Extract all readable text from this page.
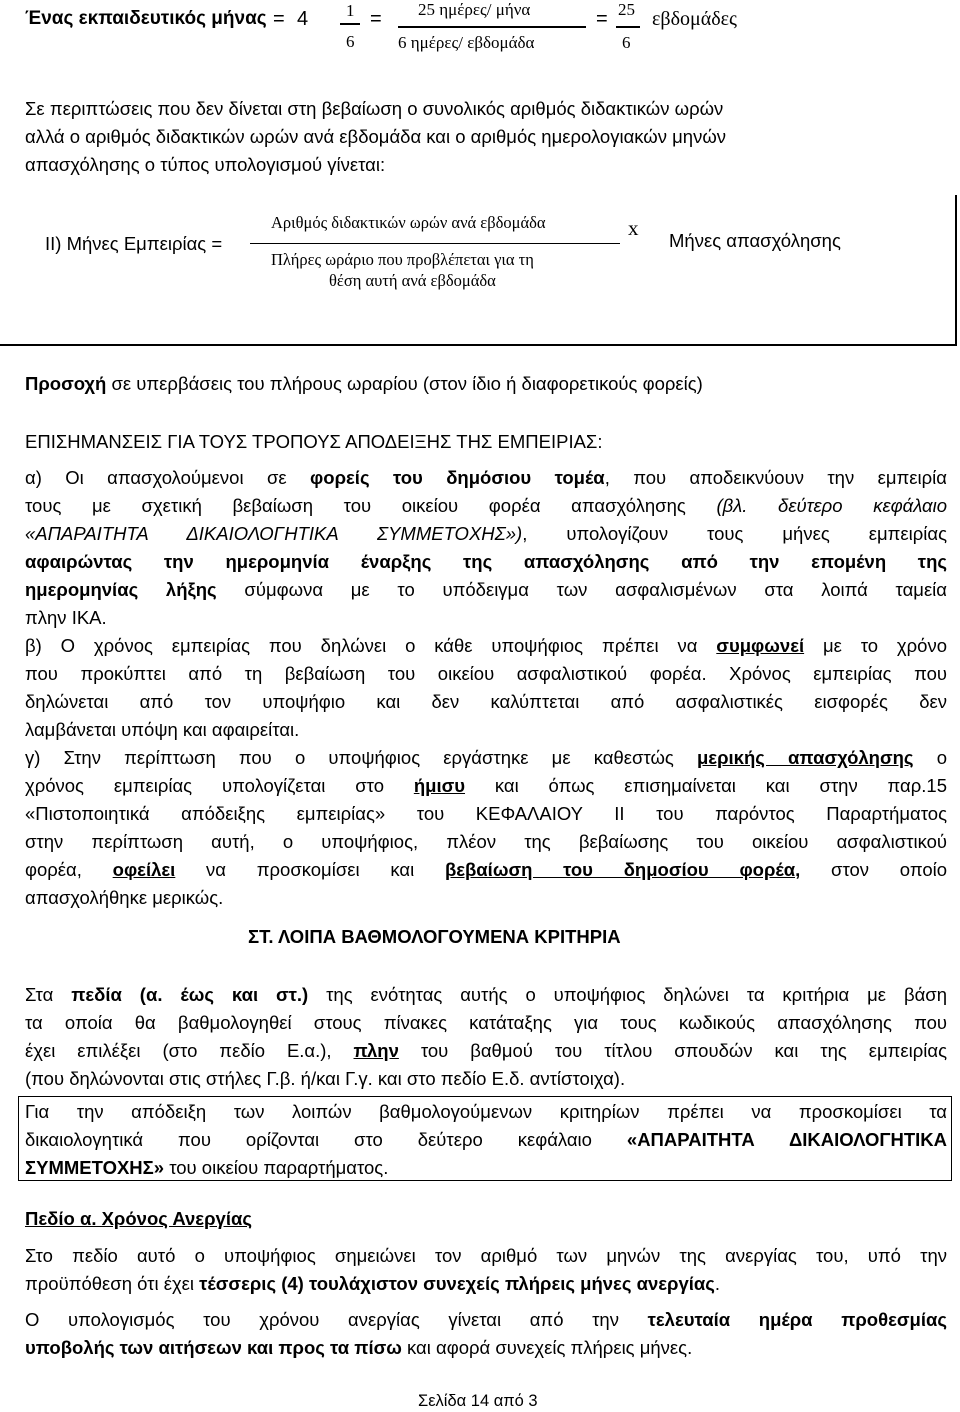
Ένας εκπαιδευτικός μήνας = 4 1
6
= 25 ημέρες/ μήνα
6 ημέρες/ εβδομάδα
= 25
6
εβδομάδες
Σε περιπτώσεις που δεν δίνεται στη βεβαίωση ο συνολικός αριθμός διδακτικών ωρών
αλλά ο αριθμός διδακτικών ωρών ανά εβδομάδα και ο αριθμός ημερολογιακών μηνών
απασχόλησης ο τύπος υπολογισμού γίνεται:
ΙΙ) Μήνες Εμπειρίας =
Αριθμός διδακτικών ωρών ανά εβδομάδα
Πλήρες ωράριο που προβλέπεται για τη
θέση αυτή ανά εβδομάδα
x
Μήνες απασχόλησης
Προσοχή σε υπερβάσεις του πλήρους ωραρίου (στον ίδιο ή διαφορετικούς φορείς)
ΕΠΙΣΗΜΑΝΣΕΙΣ ΓΙΑ ΤΟΥΣ ΤΡΟΠΟΥΣ ΑΠΟΔΕΙΞΗΣ ΤΗΣ ΕΜΠΕΙΡΙΑΣ:
α) Οι απασχολούμενοι σε φορείς του δημόσιου τομέα, που αποδεικνύουν την εμπειρία
τους με σχετική βεβαίωση του οικείου φορέα απασχόλησης (βλ. δεύτερο κεφάλαιο
«ΑΠΑΡΑΙΤΗΤΑ ΔΙΚΑΙΟΛΟΓΗΤΙΚΑ ΣΥΜΜΕΤΟΧΗΣ»), υπολογίζουν τους μήνες εμπειρίας
αφαιρώντας την ημερομηνία έναρξης της απασχόλησης από την επομένη της
ημερομηνίας λήξης σύμφωνα με το υπόδειγμα των ασφαλισμένων στα λοιπά ταμεία
πλην ΙΚΑ.
β) Ο χρόνος εμπειρίας που δηλώνει ο κάθε υποψήφιος πρέπει να συμφωνεί με το χρόνο
που προκύπτει από τη βεβαίωση του οικείου ασφαλιστικού φορέα. Χρόνος εμπειρίας που
δηλώνεται από τον υποψήφιο και δεν καλύπτεται από ασφαλιστικές εισφορές δεν
λαμβάνεται υπόψη και αφαιρείται.
γ) Στην περίπτωση που ο υποψήφιος εργάστηκε με καθεστώς μερικής απασχόλησης ο
χρόνος εμπειρίας υπολογίζεται στο ήμισυ και όπως επισημαίνεται και στην παρ.15
«Πιστοποιητικά απόδειξης εμπειρίας» του ΚΕΦΑΛΑΙΟΥ ΙΙ του παρόντος Παραρτήματος
στην περίπτωση αυτή, ο υποψήφιος, πλέον της βεβαίωσης του οικείου ασφαλιστικού
φορέα, οφείλει να προσκομίσει και βεβαίωση του δημοσίου φορέα, στον οποίο
απασχολήθηκε μερικώς.
ΣΤ. ΛΟΙΠΑ ΒΑΘΜΟΛΟΓΟΥΜΕΝΑ ΚΡΙΤΗΡΙΑ
Στα πεδία (α. έως και στ.) της ενότητας αυτής ο υποψήφιος δηλώνει τα κριτήρια με βάση
τα οποία θα βαθμολογηθεί στους πίνακες κατάταξης για τους κωδικούς απασχόλησης που
έχει επιλέξει (στο πεδίο Ε.α.), πλην του βαθμού του τίτλου σπουδών και της εμπειρίας
(που δηλώνονται στις στήλες Γ.β. ή/και Γ.γ. και στο πεδίο Ε.δ. αντίστοιχα).
Για την απόδειξη των λοιπών βαθμολογούμενων κριτηρίων πρέπει να προσκομίσει τα
δικαιολογητικά που ορίζονται στο δεύτερο κεφάλαιο «ΑΠΑΡΑΙΤΗΤΑ ΔΙΚΑΙΟΛΟΓΗΤΙΚΑ
ΣΥΜΜΕΤΟΧΗΣ» του οικείου παραρτήματος.
Πεδίο α. Χρόνος Ανεργίας
Στο πεδίο αυτό ο υποψήφιος σημειώνει τον αριθμό των μηνών της ανεργίας του, υπό την
προϋπόθεση ότι έχει τέσσερις (4) τουλάχιστον συνεχείς πλήρεις μήνες ανεργίας.
Ο υπολογισμός του χρόνου ανεργίας γίνεται από την τελευταία ημέρα προθεσμίας
υποβολής των αιτήσεων και προς τα πίσω και αφορά συνεχείς πλήρεις μήνες.
Σελίδα 14 από 3
